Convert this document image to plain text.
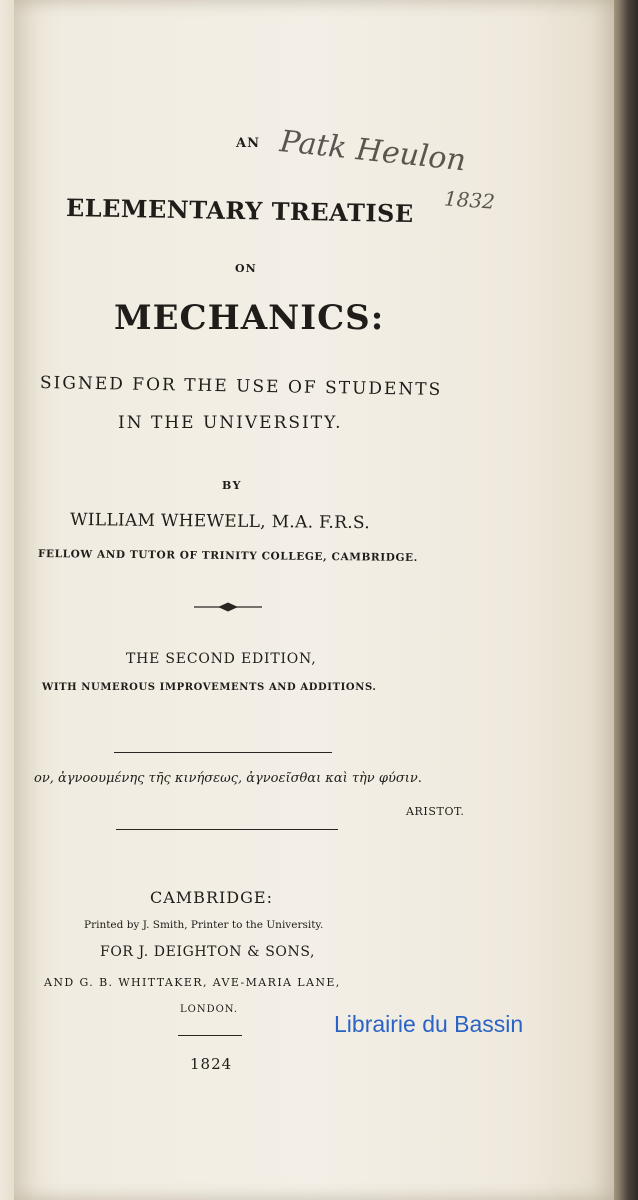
Patk Heulon
1832
AN
ELEMENTARY TREATISE
ON
MECHANICS:
SIGNED FOR THE USE OF STUDENTS
IN THE UNIVERSITY.
BY
WILLIAM WHEWELL, M.A. F.R.S.
FELLOW AND TUTOR OF TRINITY COLLEGE, CAMBRIDGE.
THE SECOND EDITION,
WITH NUMEROUS IMPROVEMENTS AND ADDITIONS.
ον, ἀγνοουμένης τῆς κινήσεως, ἀγνοεῖσθαι καὶ τὴν φύσιν.
ARISTOT.
CAMBRIDGE:
Printed by J. Smith, Printer to the University.
FOR J. DEIGHTON & SONS,
AND G. B. WHITTAKER, AVE-MARIA LANE,
LONDON.
1824
Librairie du Bassin
